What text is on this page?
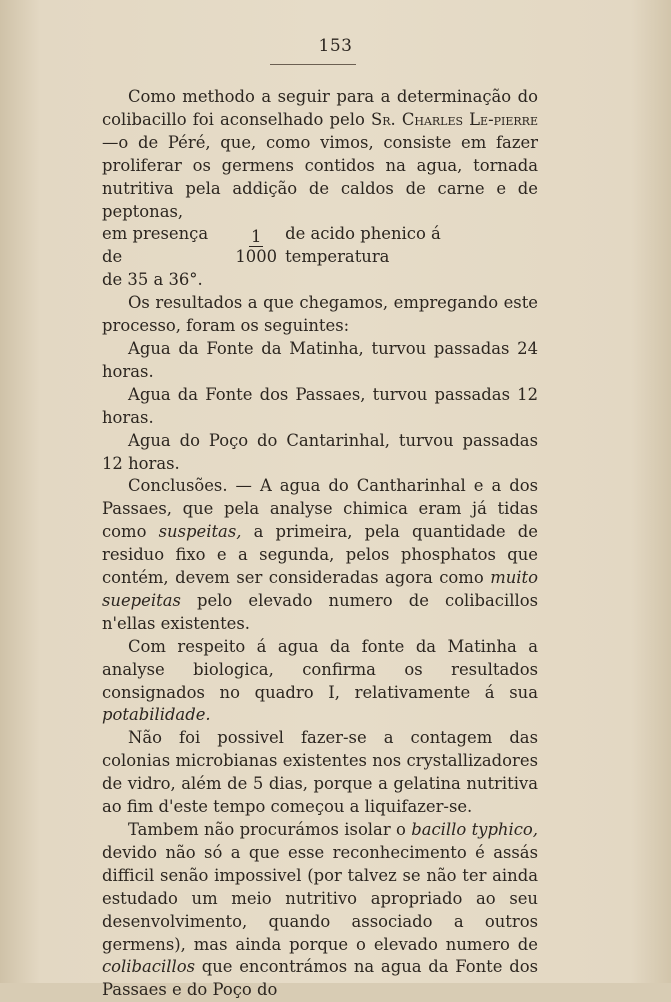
153

Como methodo a seguir para a determinação do colibacillo foi aconselhado pelo Sr. Charles Le-pierre—o de Péré, que, como vimos, consiste em fazer proliferar os germens contidos na agua, tornada nutritiva pela addição de caldos de carne e de peptonas,

em presença de	$\frac{1}{1000}$ de acido phenico á temperatura

de 35 a 36°.

Os resultados a que chegamos, empregando este processo, foram os seguintes:

Agua da Fonte da Matinha, turvou passadas 24 horas.

Agua da Fonte dos Passaes, turvou passadas 12 horas.

Agua do Poço do Cantarinhal, turvou passadas 12 horas.

Conclusões. — A agua do Cantharinhal e a dos Passaes, que pela analyse chimica eram já tidas como suspeitas, a primeira, pela quantidade de residuo fixo e a segunda, pelos phosphatos que contém, devem ser consideradas agora como muito suepeitas pelo elevado numero de colibacillos n'ellas existentes.

Com respeito á agua da fonte da Matinha a analyse biologica, confirma os resultados consignados no quadro I, relativamente á sua potabilidade.

Não foi possivel fazer-se a contagem das colonias microbianas existentes nos crystallizadores de vidro, além de 5 dias, porque a gelatina nutritiva ao fim d'este tempo começou a liquifazer-se.

Tambem não procurámos isolar o bacillo typhico, devido não só a que esse reconhecimento é assás difficil senão impossivel (por talvez se não ter ainda estudado um meio nutritivo apropriado ao seu desenvolvimento, quando associado a outros germens), mas ainda porque o elevado numero de colibacillos que encontrámos na agua da Fonte dos Passaes e do Poço do
